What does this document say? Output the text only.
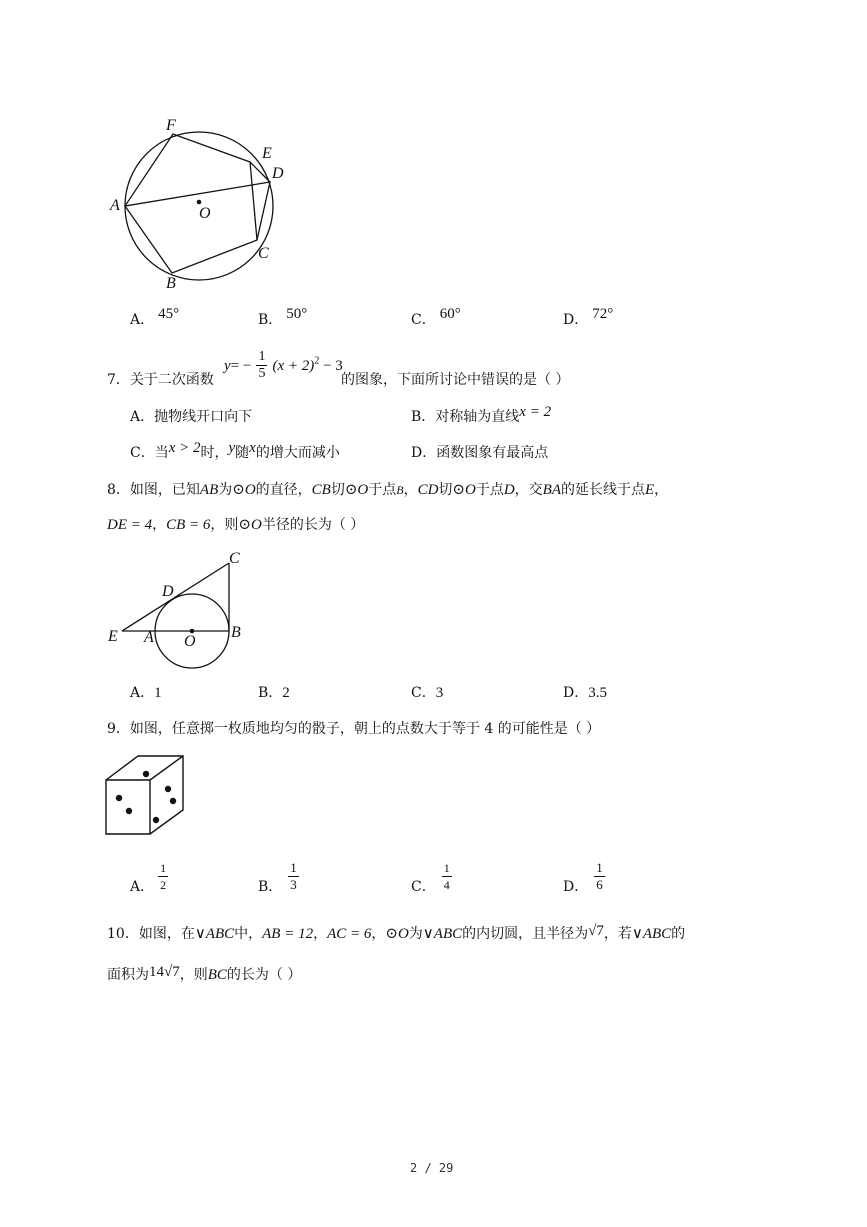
F
E
D
A	O
C
B
A． 45°	B． 50°	C． 60°	D． 72°
7．关于二次函数
$y= - \frac{1}{5} (x + 2)^2 - 3$
的图象，下面所讨论中错误的是（ ）
A．抛物线开口向下	B．对称轴为直线x = 2
C．当x > 2时，y随x的增大而减小	D．函数图象有最高点
8．如图，已知AB为⊙O的直径，CB切⊙O于点B，CD切⊙O于点D，交BA的延长线于点E，
DE = 4，CB = 6，则⊙O半径的长为（ ）
C
D
E A O
B
A．1	B．2	C．3	D．3.5
9．如图，任意掷一枚质地均匀的骰子，朝上的点数大于等于 4 的可能性是（ ）
A． $\frac{1}{2}$	B． $\frac{1}{3}$	C． $\frac{1}{4}$	D． $\frac{1}{6}$
10．如图，在∨ABC中，AB = 12，AC = 6，⊙O为∨ABC的内切圆，且半径为√7，若∨ABC的
面积为14√7，则BC的长为（ ）
2 / 29
